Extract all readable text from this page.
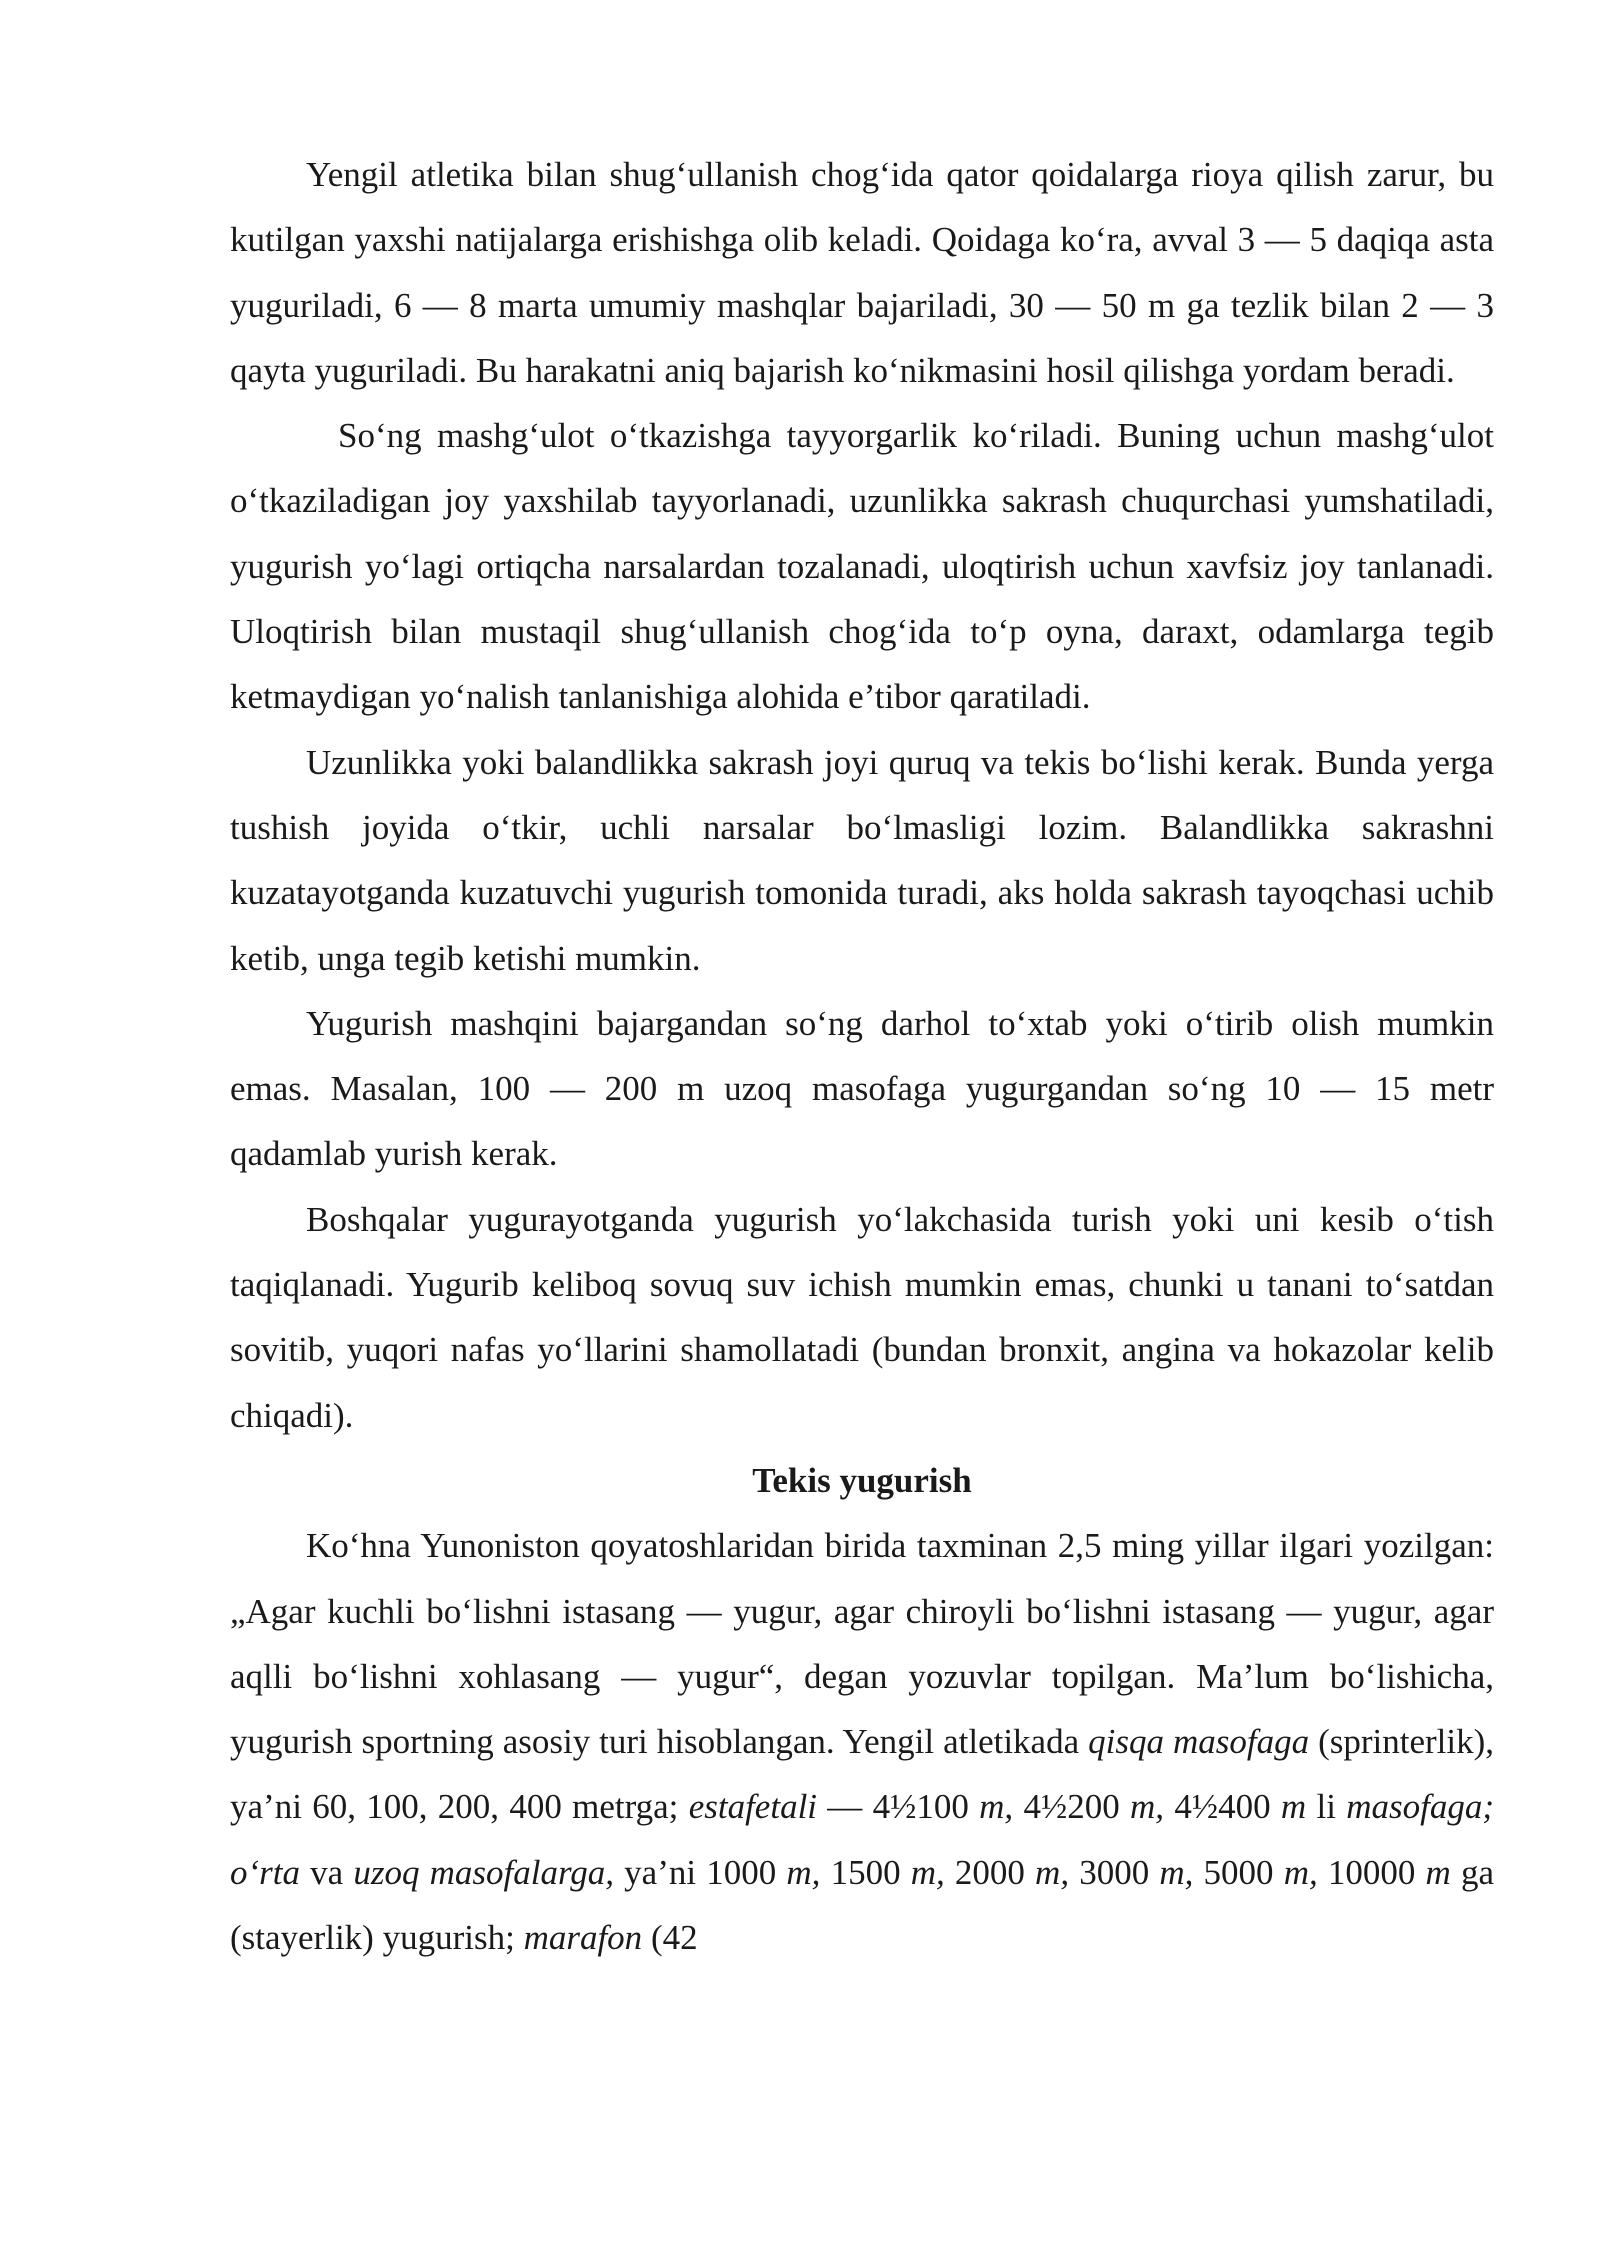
Yengil atletika bilan shug‘ullanish chog‘ida qator qoidalarga rioya qilish zarur, bu kutilgan yaxshi natijalarga erishishga olib keladi. Qoidaga ko‘ra, avval 3 — 5 daqiqa asta yuguriladi, 6 — 8 marta umumiy mashqlar bajariladi, 30 — 50 m ga tezlik bilan 2 — 3 qayta yuguriladi. Bu harakatni aniq bajarish ko‘nikmasini hosil qilishga yordam beradi.

So‘ng mashg‘ulot o‘tkazishga tayyorgarlik ko‘riladi. Buning uchun mashg‘ulot o‘tkaziladigan joy yaxshilab tayyorlanadi, uzunlikka sakrash chuqurchasi yumshatiladi, yugurish yo‘lagi ortiqcha narsalardan tozalanadi, uloqtirish uchun xavfsiz joy tanlanadi. Uloqtirish bilan mustaqil shug‘ullanish chog‘ida to‘p oyna, daraxt, odamlarga tegib ketmaydigan yo‘nalish tanlanishiga alohida e’tibor qaratiladi.

Uzunlikka yoki balandlikka sakrash joyi quruq va tekis bo‘lishi kerak. Bunda yerga tushish joyida o‘tkir, uchli narsalar bo‘lmasligi lozim. Balandlikka sakrashni kuzatayotganda kuzatuvchi yugurish tomonida turadi, aks holda sakrash tayoqchasi uchib ketib, unga tegib ketishi mumkin.

Yugurish mashqini bajargandan so‘ng darhol to‘xtab yoki o‘tirib olish mumkin emas. Masalan, 100 — 200 m uzoq masofaga yugurgandan so‘ng 10 — 15 metr qadamlab yurish kerak.

Boshqalar yugurayotganda yugurish yo‘lakchasida turish yoki uni kesib o‘tish taqiqlanadi. Yugurib keliboq sovuq suv ichish mumkin emas, chunki u tanani to‘satdan sovitib, yuqori nafas yo‘llarini shamollatadi (bundan bronxit, angina va hokazolar kelib chiqadi).

Tekis yugurish

Ko‘hna Yunoniston qoyatoshlaridan birida taxminan 2,5 ming yillar ilgari yozilgan: „Agar kuchli bo‘lishni istasang — yugur, agar chiroyli bo‘lishni istasang — yugur, agar aqlli bo‘lishni xohlasang — yugur“, degan yozuvlar topilgan. Ma’lum bo‘lishicha, yugurish sportning asosiy turi hisoblangan. Yengil atletikada qisqa masofaga (sprinterlik), ya’ni 60, 100, 200, 400 metrga; estafetali — 4½100 m, 4½200 m, 4½400 m li masofaga; o‘rta va uzoq masofalarga, ya’ni 1000 m, 1500 m, 2000 m, 3000 m, 5000 m, 10000 m ga (stayerlik) yugurish; marafon (42
